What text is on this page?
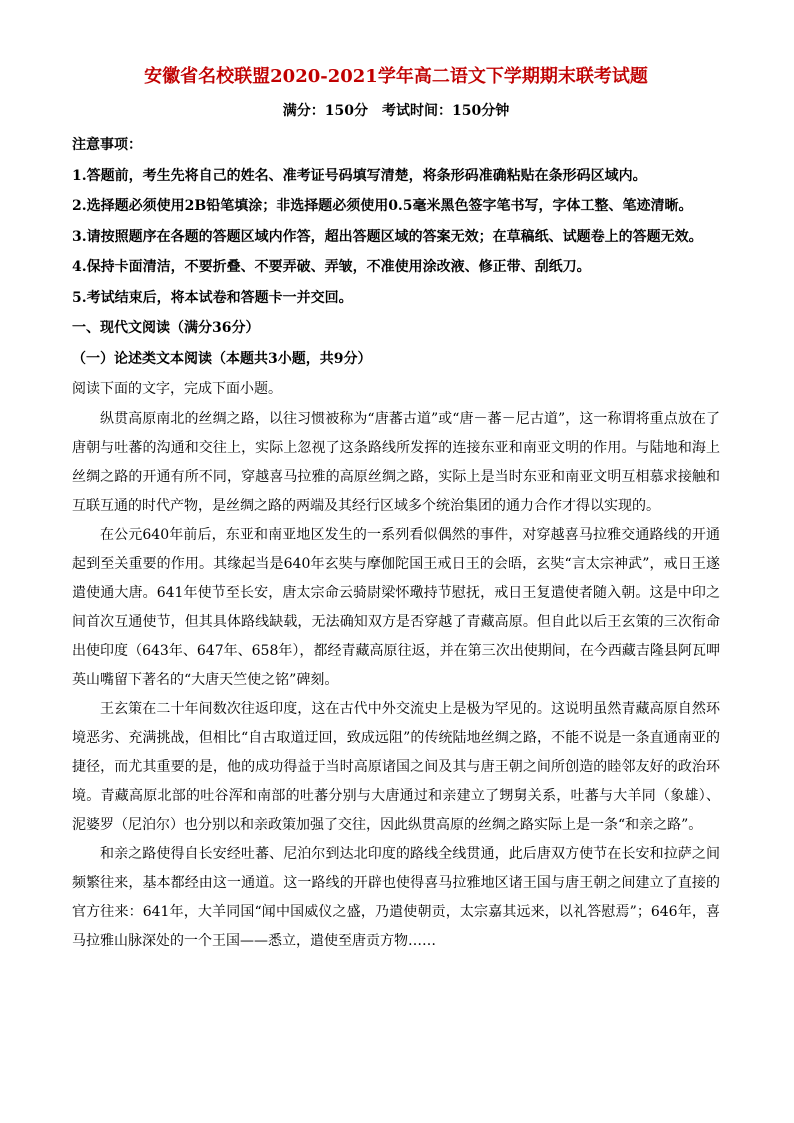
安徽省名校联盟2020-2021学年高二语文下学期期末联考试题

满分：150分　考试时间：150分钟

注意事项：

1.答题前，考生先将自己的姓名、准考证号码填写清楚，将条形码准确粘贴在条形码区域内。

2.选择题必须使用2B铅笔填涂；非选择题必须使用0.5毫米黑色签字笔书写，字体工整、笔迹清晰。

3.请按照题序在各题的答题区域内作答，超出答题区域的答案无效；在草稿纸、试题卷上的答题无效。

4.保持卡面清洁，不要折叠、不要弄破、弄皱，不准使用涂改液、修正带、刮纸刀。

5.考试结束后，将本试卷和答题卡一并交回。

一、现代文阅读（满分36分）

（一）论述类文本阅读（本题共3小题，共9分）

阅读下面的文字，完成下面小题。

纵贯高原南北的丝绸之路，以往习惯被称为“唐蕃古道”或“唐－蕃－尼古道”，这一称谓将重点放在了唐朝与吐蕃的沟通和交往上，实际上忽视了这条路线所发挥的连接东亚和南亚文明的作用。与陆地和海上丝绸之路的开通有所不同，穿越喜马拉雅的高原丝绸之路，实际上是当时东亚和南亚文明互相慕求接触和互联互通的时代产物，是丝绸之路的两端及其经行区域多个统治集团的通力合作才得以实现的。

在公元640年前后，东亚和南亚地区发生的一系列看似偶然的事件，对穿越喜马拉雅交通路线的开通起到至关重要的作用。其缘起当是640年玄奘与摩伽陀国王戒日王的会晤，玄奘“言太宗神武”，戒日王遂遣使通大唐。641年使节至长安，唐太宗命云骑尉梁怀璥持节慰抚，戒日王复遣使者随入朝。这是中印之间首次互通使节，但其具体路线缺载，无法确知双方是否穿越了青藏高原。但自此以后王玄策的三次衔命出使印度（643年、647年、658年），都经青藏高原往返，并在第三次出使期间，在今西藏吉隆县阿瓦呷英山嘴留下著名的“大唐天竺使之铭”碑刻。

王玄策在二十年间数次往返印度，这在古代中外交流史上是极为罕见的。这说明虽然青藏高原自然环境恶劣、充满挑战，但相比“自古取道迂回，致成远阻”的传统陆地丝绸之路，不能不说是一条直通南亚的捷径，而尤其重要的是，他的成功得益于当时高原诸国之间及其与唐王朝之间所创造的睦邻友好的政治环境。青藏高原北部的吐谷浑和南部的吐蕃分别与大唐通过和亲建立了甥舅关系，吐蕃与大羊同（象雄）、泥婆罗（尼泊尔）也分别以和亲政策加强了交往，因此纵贯高原的丝绸之路实际上是一条“和亲之路”。

和亲之路使得自长安经吐蕃、尼泊尔到达北印度的路线全线贯通，此后唐双方使节在长安和拉萨之间频繁往来，基本都经由这一通道。这一路线的开辟也使得喜马拉雅地区诸王国与唐王朝之间建立了直接的官方往来：641年，大羊同国“闻中国威仪之盛，乃遣使朝贡，太宗嘉其远来，以礼答慰焉”；646年，喜马拉雅山脉深处的一个王国——悉立，遣使至唐贡方物……
